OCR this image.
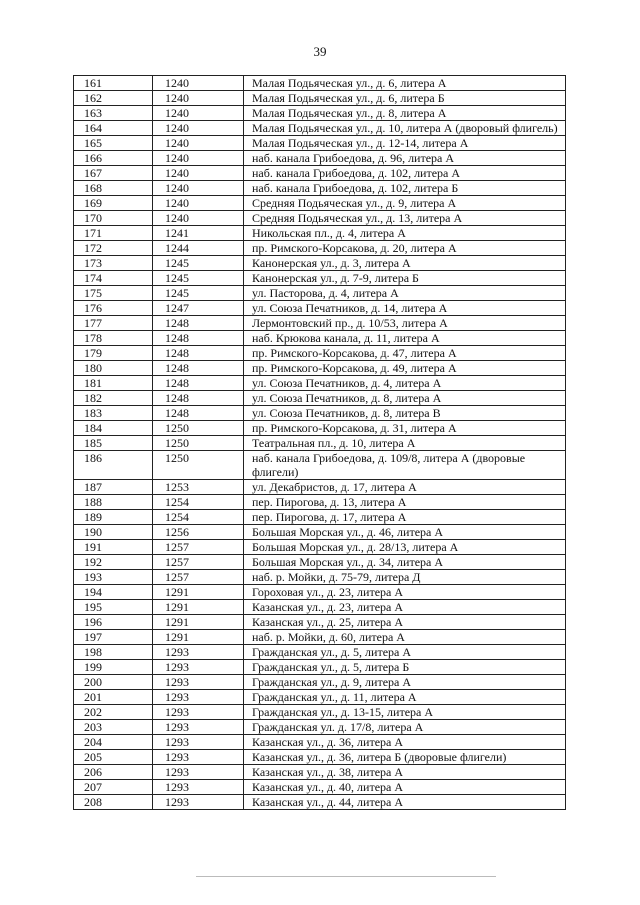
39
161	1240	Малая Подьяческая ул., д. 6, литера А
162	1240	Малая Подьяческая ул., д. 6, литера Б
163	1240	Малая Подьяческая ул., д. 8, литера А
164	1240	Малая Подьяческая ул., д. 10, литера А (дворовый флигель)
165	1240	Малая Подьяческая ул., д. 12-14, литера А
166	1240	наб. канала Грибоедова, д. 96, литера А
167	1240	наб. канала Грибоедова, д. 102, литера А
168	1240	наб. канала Грибоедова, д. 102, литера Б
169	1240	Средняя Подьяческая ул., д. 9, литера А
170	1240	Средняя Подьяческая ул., д. 13, литера А
171	1241	Никольская пл., д. 4, литера А
172	1244	пр. Римского-Корсакова, д. 20, литера А
173	1245	Канонерская ул., д. 3, литера А
174	1245	Канонерская ул., д. 7-9, литера Б
175	1245	ул. Пасторова, д. 4, литера А
176	1247	ул. Союза Печатников, д. 14, литера А
177	1248	Лермонтовский пр., д. 10/53, литера А
178	1248	наб. Крюкова канала, д. 11, литера А
179	1248	пр. Римского-Корсакова, д. 47, литера А
180	1248	пр. Римского-Корсакова, д. 49, литера А
181	1248	ул. Союза Печатников, д. 4, литера А
182	1248	ул. Союза Печатников, д. 8, литера А
183	1248	ул. Союза Печатников, д. 8, литера В
184	1250	пр. Римского-Корсакова, д. 31, литера А
185	1250	Театральная пл., д. 10, литера А
186	1250	наб. канала Грибоедова, д. 109/8, литера А (дворовые флигели)
187	1253	ул. Декабристов, д. 17, литера А
188	1254	пер. Пирогова, д. 13, литера А
189	1254	пер. Пирогова, д. 17, литера А
190	1256	Большая Морская ул., д. 46, литера А
191	1257	Большая Морская ул., д. 28/13, литера А
192	1257	Большая Морская ул., д. 34, литера А
193	1257	наб. р. Мойки, д. 75-79, литера Д
194	1291	Гороховая ул., д. 23, литера А
195	1291	Казанская ул., д. 23, литера А
196	1291	Казанская ул., д. 25, литера А
197	1291	наб. р. Мойки, д. 60, литера А
198	1293	Гражданская ул., д. 5, литера А
199	1293	Гражданская ул., д. 5, литера Б
200	1293	Гражданская ул., д. 9, литера А
201	1293	Гражданская ул., д. 11, литера А
202	1293	Гражданская ул., д. 13-15, литера А
203	1293	Гражданская ул. д. 17/8, литера А
204	1293	Казанская ул., д. 36, литера А
205	1293	Казанская ул., д. 36, литера Б (дворовые флигели)
206	1293	Казанская ул., д. 38, литера А
207	1293	Казанская ул., д. 40, литера А
208	1293	Казанская ул., д. 44, литера А
